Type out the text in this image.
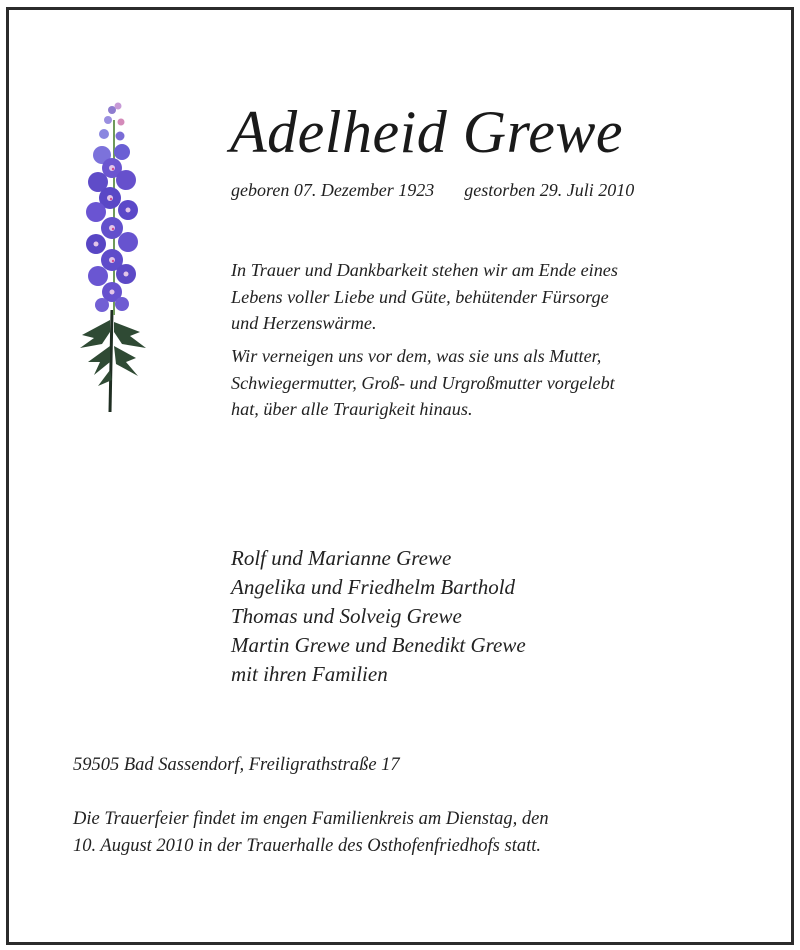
Adelheid Grewe
geboren 07. Dezember 1923 gestorben 29. Juli 2010
In Trauer und Dankbarkeit stehen wir am Ende eines
Lebens voller Liebe und Güte, behütender Fürsorge
und Herzenswärme.
Wir verneigen uns vor dem, was sie uns als Mutter,
Schwiegermutter, Groß- und Urgroßmutter vorgelebt
hat, über alle Traurigkeit hinaus.
Rolf und Marianne Grewe
Angelika und Friedhelm Barthold
Thomas und Solveig Grewe
Martin Grewe und Benedikt Grewe
mit ihren Familien
59505 Bad Sassendorf, Freiligrathstraße 17
Die Trauerfeier findet im engen Familienkreis am Dienstag, den
10. August 2010 in der Trauerhalle des Osthofenfriedhofs statt.
